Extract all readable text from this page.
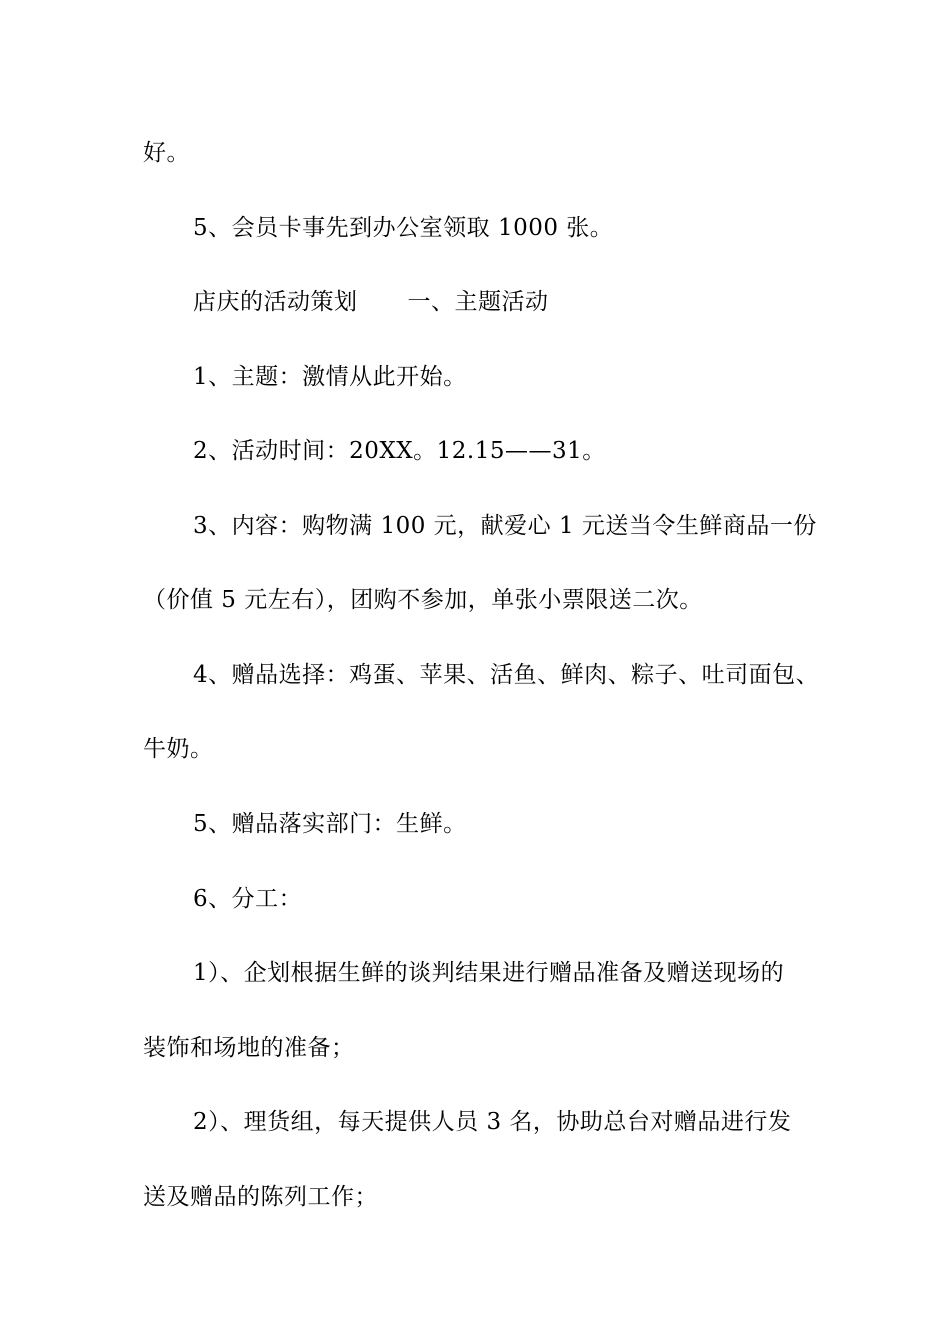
好。
5、会员卡事先到办公室领取 1000 张。
店庆的活动策划 一、主题活动
1、主题：激情从此开始。
2、活动时间：20XX。12.15——31。
3、内容：购物满 100 元，献爱心 1 元送当令生鲜商品一份
（价值 5 元左右），团购不参加，单张小票限送二次。
4、赠品选择：鸡蛋、苹果、活鱼、鲜肉、粽子、吐司面包、
牛奶。
5、赠品落实部门：生鲜。
6、分工：
1）、企划根据生鲜的谈判结果进行赠品准备及赠送现场的
装饰和场地的准备；
2）、理货组，每天提供人员 3 名，协助总台对赠品进行发
送及赠品的陈列工作；
